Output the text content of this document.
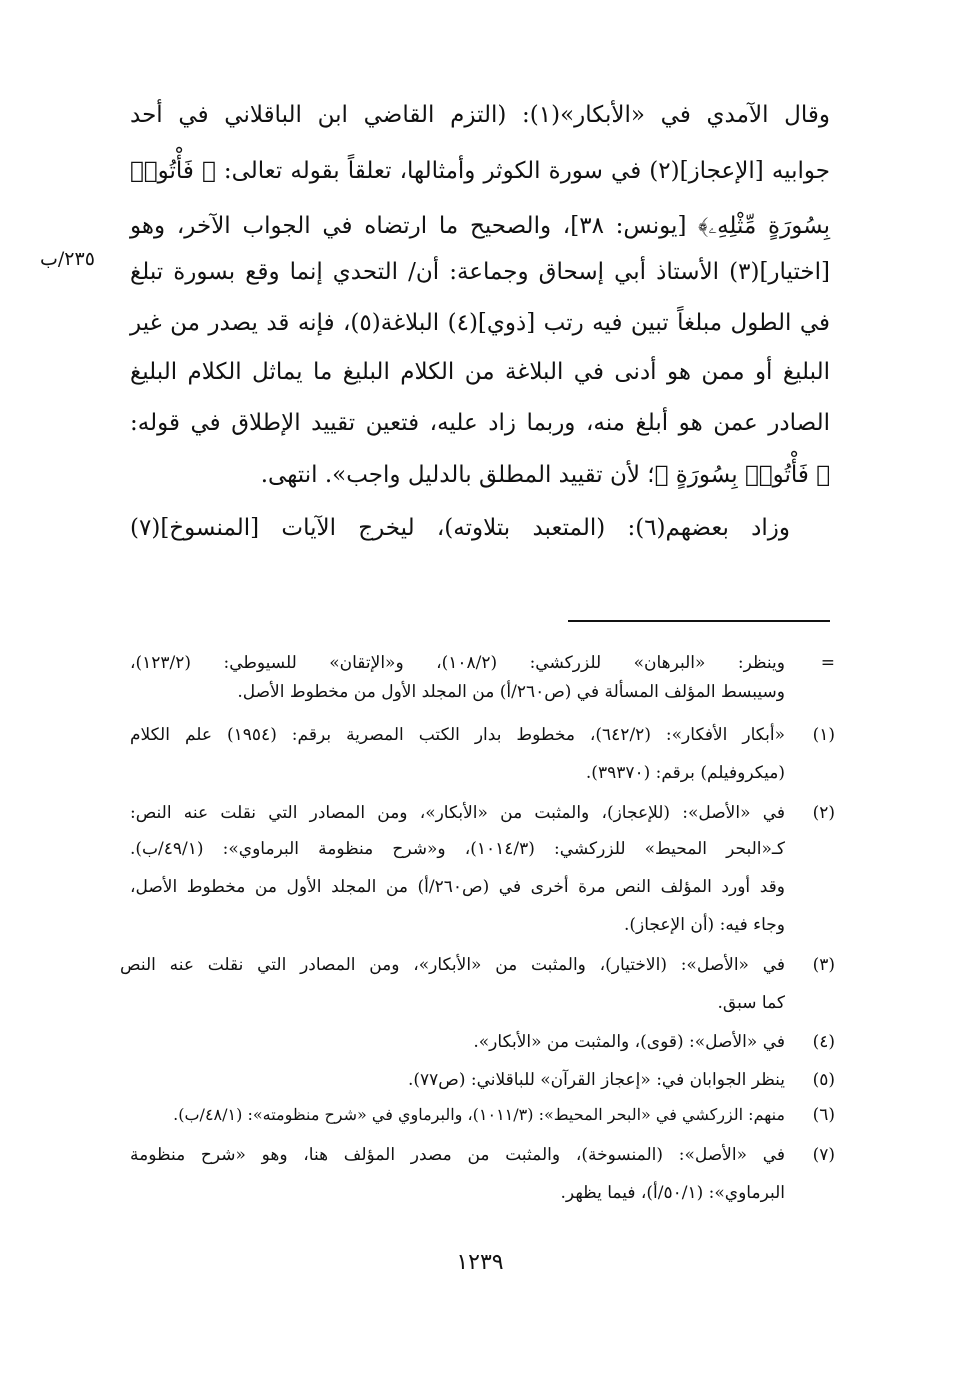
وقال الآمدي في «الأبكار»(١): (التزم القاضي ابن الباقلاني في أحد
جوابيه [الإعجاز](٢) في سورة الكوثر وأمثالها، تعلقاً بقوله تعالى: ﴿ فَأْتُوا۟
بِسُورَةٍ مِّثْلِهِۦ﴾ [يونس: ٣٨]، والصحيح ما ارتضاه في الجواب الآخر، وهو
[اختيار](٣) الأستاذ أبي إسحاق وجماعة: أن/ التحدي إنما وقع بسورة تبلغ
في الطول مبلغاً تبين فيه رتب [ذوي](٤) البلاغة(٥)، فإنه قد يصدر من غير
البليغ أو ممن هو أدنى في البلاغة من الكلام البليغ ما يماثل الكلام البليغ
الصادر عمن هو أبلغ منه، وربما زاد عليه، فتعين تقييد الإطلاق في قوله:
﴿ فَأْتُوا۟ بِسُورَةٍ ﴾؛ لأن تقييد المطلق بالدليل واجب». انتهى.
وزاد بعضهم(٦): (المتعبد بتلاوته)، ليخرج الآيات [المنسوخ](٧)
٢٣٥/ب
=
وينظر: «البرهان» للزركشي: (١٠٨/٢)، و«الإتقان» للسيوطي: (١٢٣/٢)،
وسيبسط المؤلف المسألة في (ص٢٦٠/أ) من المجلد الأول من مخطوط الأصل.
(١)
«أبكار الأفكار»: (٦٤٢/٢)، مخطوط بدار الكتب المصرية برقم: (١٩٥٤) علم الكلام
(ميكروفيلم) برقم: (٣٩٣٧٠).
(٢)
في «الأصل»: (للإعجاز)، والمثبت من «الأبكار»، ومن المصادر التي نقلت عنه النص:
كـ«البحر المحيط» للزركشي: (١٠١٤/٣)، و«شرح منظومة البرماوي»: (٤٩/١/ب).
وقد أورد المؤلف النص مرة أخرى في (ص٢٦٠/أ) من المجلد الأول من مخطوط الأصل،
وجاء فيه: (أن الإعجاز).
(٣)
في «الأصل»: (الاختيار)، والمثبت من «الأبكار»، ومن المصادر التي نقلت عنه النص
كما سبق.
(٤)
في «الأصل»: (قوى)، والمثبت من «الأبكار».
(٥)
ينظر الجوابان في: «إعجاز القرآن» للباقلاني: (ص٧٧).
(٦)
منهم: الزركشي في «البحر المحيط»: (١٠١١/٣)، والبرماوي في «شرح منظومته»: (٤٨/١/ب).
(٧)
في «الأصل»: (المنسوخة)، والمثبت من مصدر المؤلف هنا، وهو «شرح منظومة
البرماوي»: (٥٠/١/أ)، فيما يظهر.
١٢٣٩
